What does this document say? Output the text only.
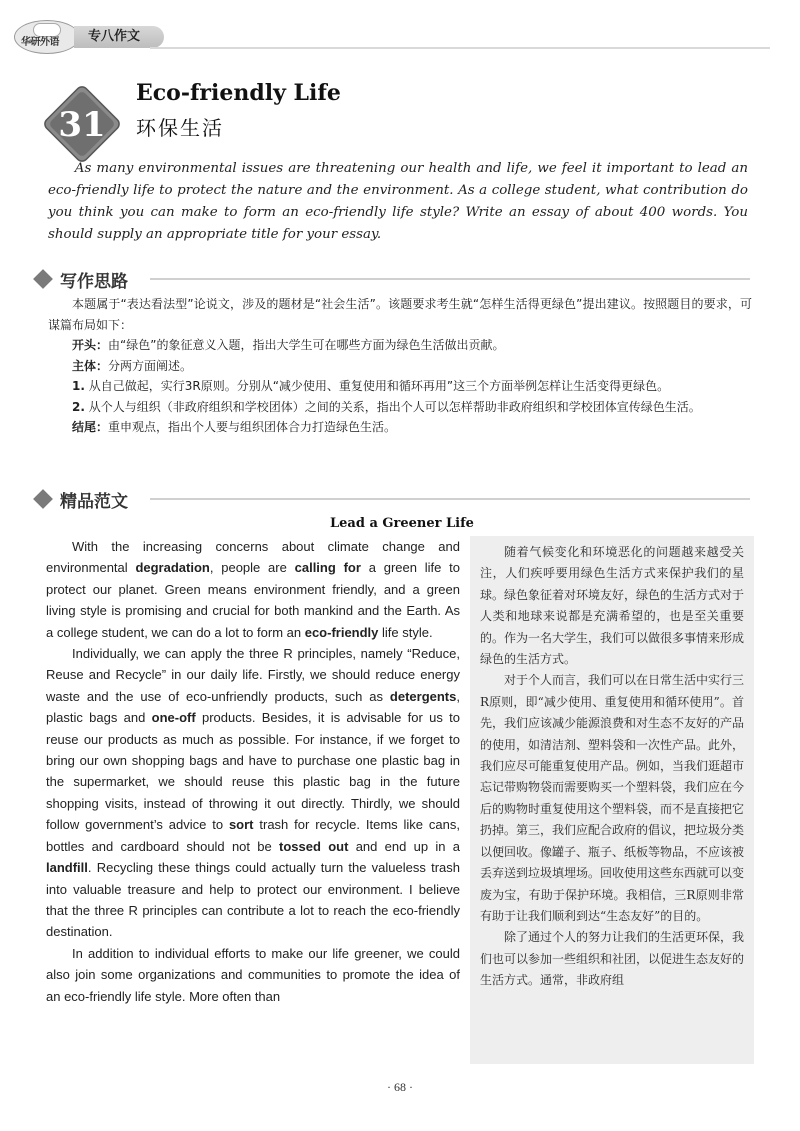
华研外语	专八作文
31
Eco-friendly Life
环保生活
As many environmental issues are threatening our health and life, we feel it important to lead an eco-friendly life to protect the nature and the environment. As a college student, what contribution do you think you can make to form an eco-friendly life style? Write an essay of about 400 words. You should supply an appropriate title for your essay.
写作思路

本题属于“表达看法型”论说文，涉及的题材是“社会生活”。该题要求考生就“怎样生活得更绿色”提出建议。按照题目的要求，可谋篇布局如下：

开头：由“绿色”的象征意义入题，指出大学生可在哪些方面为绿色生活做出贡献。

主体：分两方面阐述。

1. 从自己做起，实行3R原则。分别从“减少使用、重复使用和循环再用”这三个方面举例怎样让生活变得更绿色。

2. 从个人与组织（非政府组织和学校团体）之间的关系，指出个人可以怎样帮助非政府组织和学校团体宣传绿色生活。

结尾：重申观点，指出个人要与组织团体合力打造绿色生活。

精品范文
Lead a Greener Life

With the increasing concerns about climate change and environmental degradation, people are calling for a green life to protect our planet. Green means environment friendly, and a green living style is promising and crucial for both mankind and the Earth. As a college student, we can do a lot to form an eco-friendly life style.

Individually, we can apply the three R principles, namely “Reduce, Reuse and Recycle” in our daily life. Firstly, we should reduce energy waste and the use of eco-unfriendly products, such as detergents, plastic bags and one-off products. Besides, it is advisable for us to reuse our products as much as possible. For instance, if we forget to bring our own shopping bags and have to purchase one plastic bag in the supermarket, we should reuse this plastic bag in the future shopping visits, instead of throwing it out directly. Thirdly, we should follow government’s advice to sort trash for recycle. Items like cans, bottles and cardboard should not be tossed out and end up in a landfill. Recycling these things could actually turn the valueless trash into valuable treasure and help to protect our environment. I believe that the three R principles can contribute a lot to reach the eco-friendly destination.

In addition to individual efforts to make our life greener, we could also join some organizations and communities to promote the idea of an eco-friendly life style. More often than

随着气候变化和环境恶化的问题越来越受关注，人们疾呼要用绿色生活方式来保护我们的星球。绿色象征着对环境友好，绿色的生活方式对于人类和地球来说都是充满希望的，也是至关重要的。作为一名大学生，我们可以做很多事情来形成绿色的生活方式。

对于个人而言，我们可以在日常生活中实行三R原则，即“减少使用、重复使用和循环使用”。首先，我们应该减少能源浪费和对生态不友好的产品的使用，如清洁剂、塑料袋和一次性产品。此外，我们应尽可能重复使用产品。例如，当我们逛超市忘记带购物袋而需要购买一个塑料袋，我们应在今后的购物时重复使用这个塑料袋，而不是直接把它扔掉。第三，我们应配合政府的倡议，把垃圾分类以便回收。像罐子、瓶子、纸板等物品，不应该被丢弃送到垃圾填埋场。回收使用这些东西就可以变废为宝，有助于保护环境。我相信，三R原则非常有助于让我们顺利到达“生态友好”的目的。

除了通过个人的努力让我们的生活更环保，我们也可以参加一些组织和社团，以促进生态友好的生活方式。通常，非政府组

· 68 ·
